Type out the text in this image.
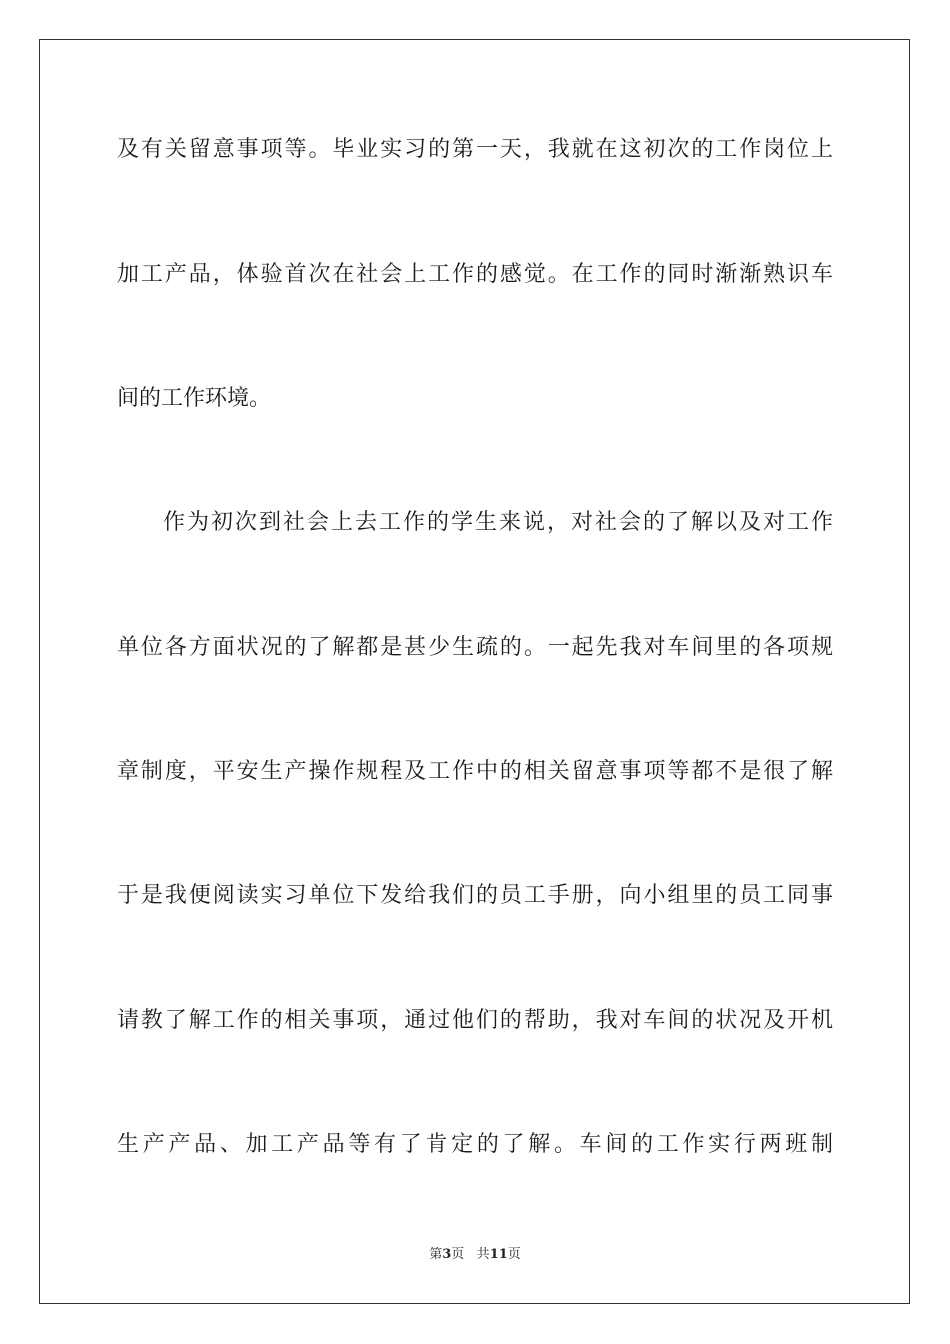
及有关留意事项等。毕业实习的第一天，我就在这初次的工作岗位上
加工产品，体验首次在社会上工作的感觉。在工作的同时渐渐熟识车
间的工作环境。
作为初次到社会上去工作的学生来说，对社会的了解以及对工作
单位各方面状况的了解都是甚少生疏的。一起先我对车间里的各项规
章制度，平安生产操作规程及工作中的相关留意事项等都不是很了解
于是我便阅读实习单位下发给我们的员工手册，向小组里的员工同事
请教了解工作的相关事项，通过他们的帮助，我对车间的状况及开机
生产产品、加工产品等有了肯定的了解。车间的工作实行两班制
第3页 共11页
